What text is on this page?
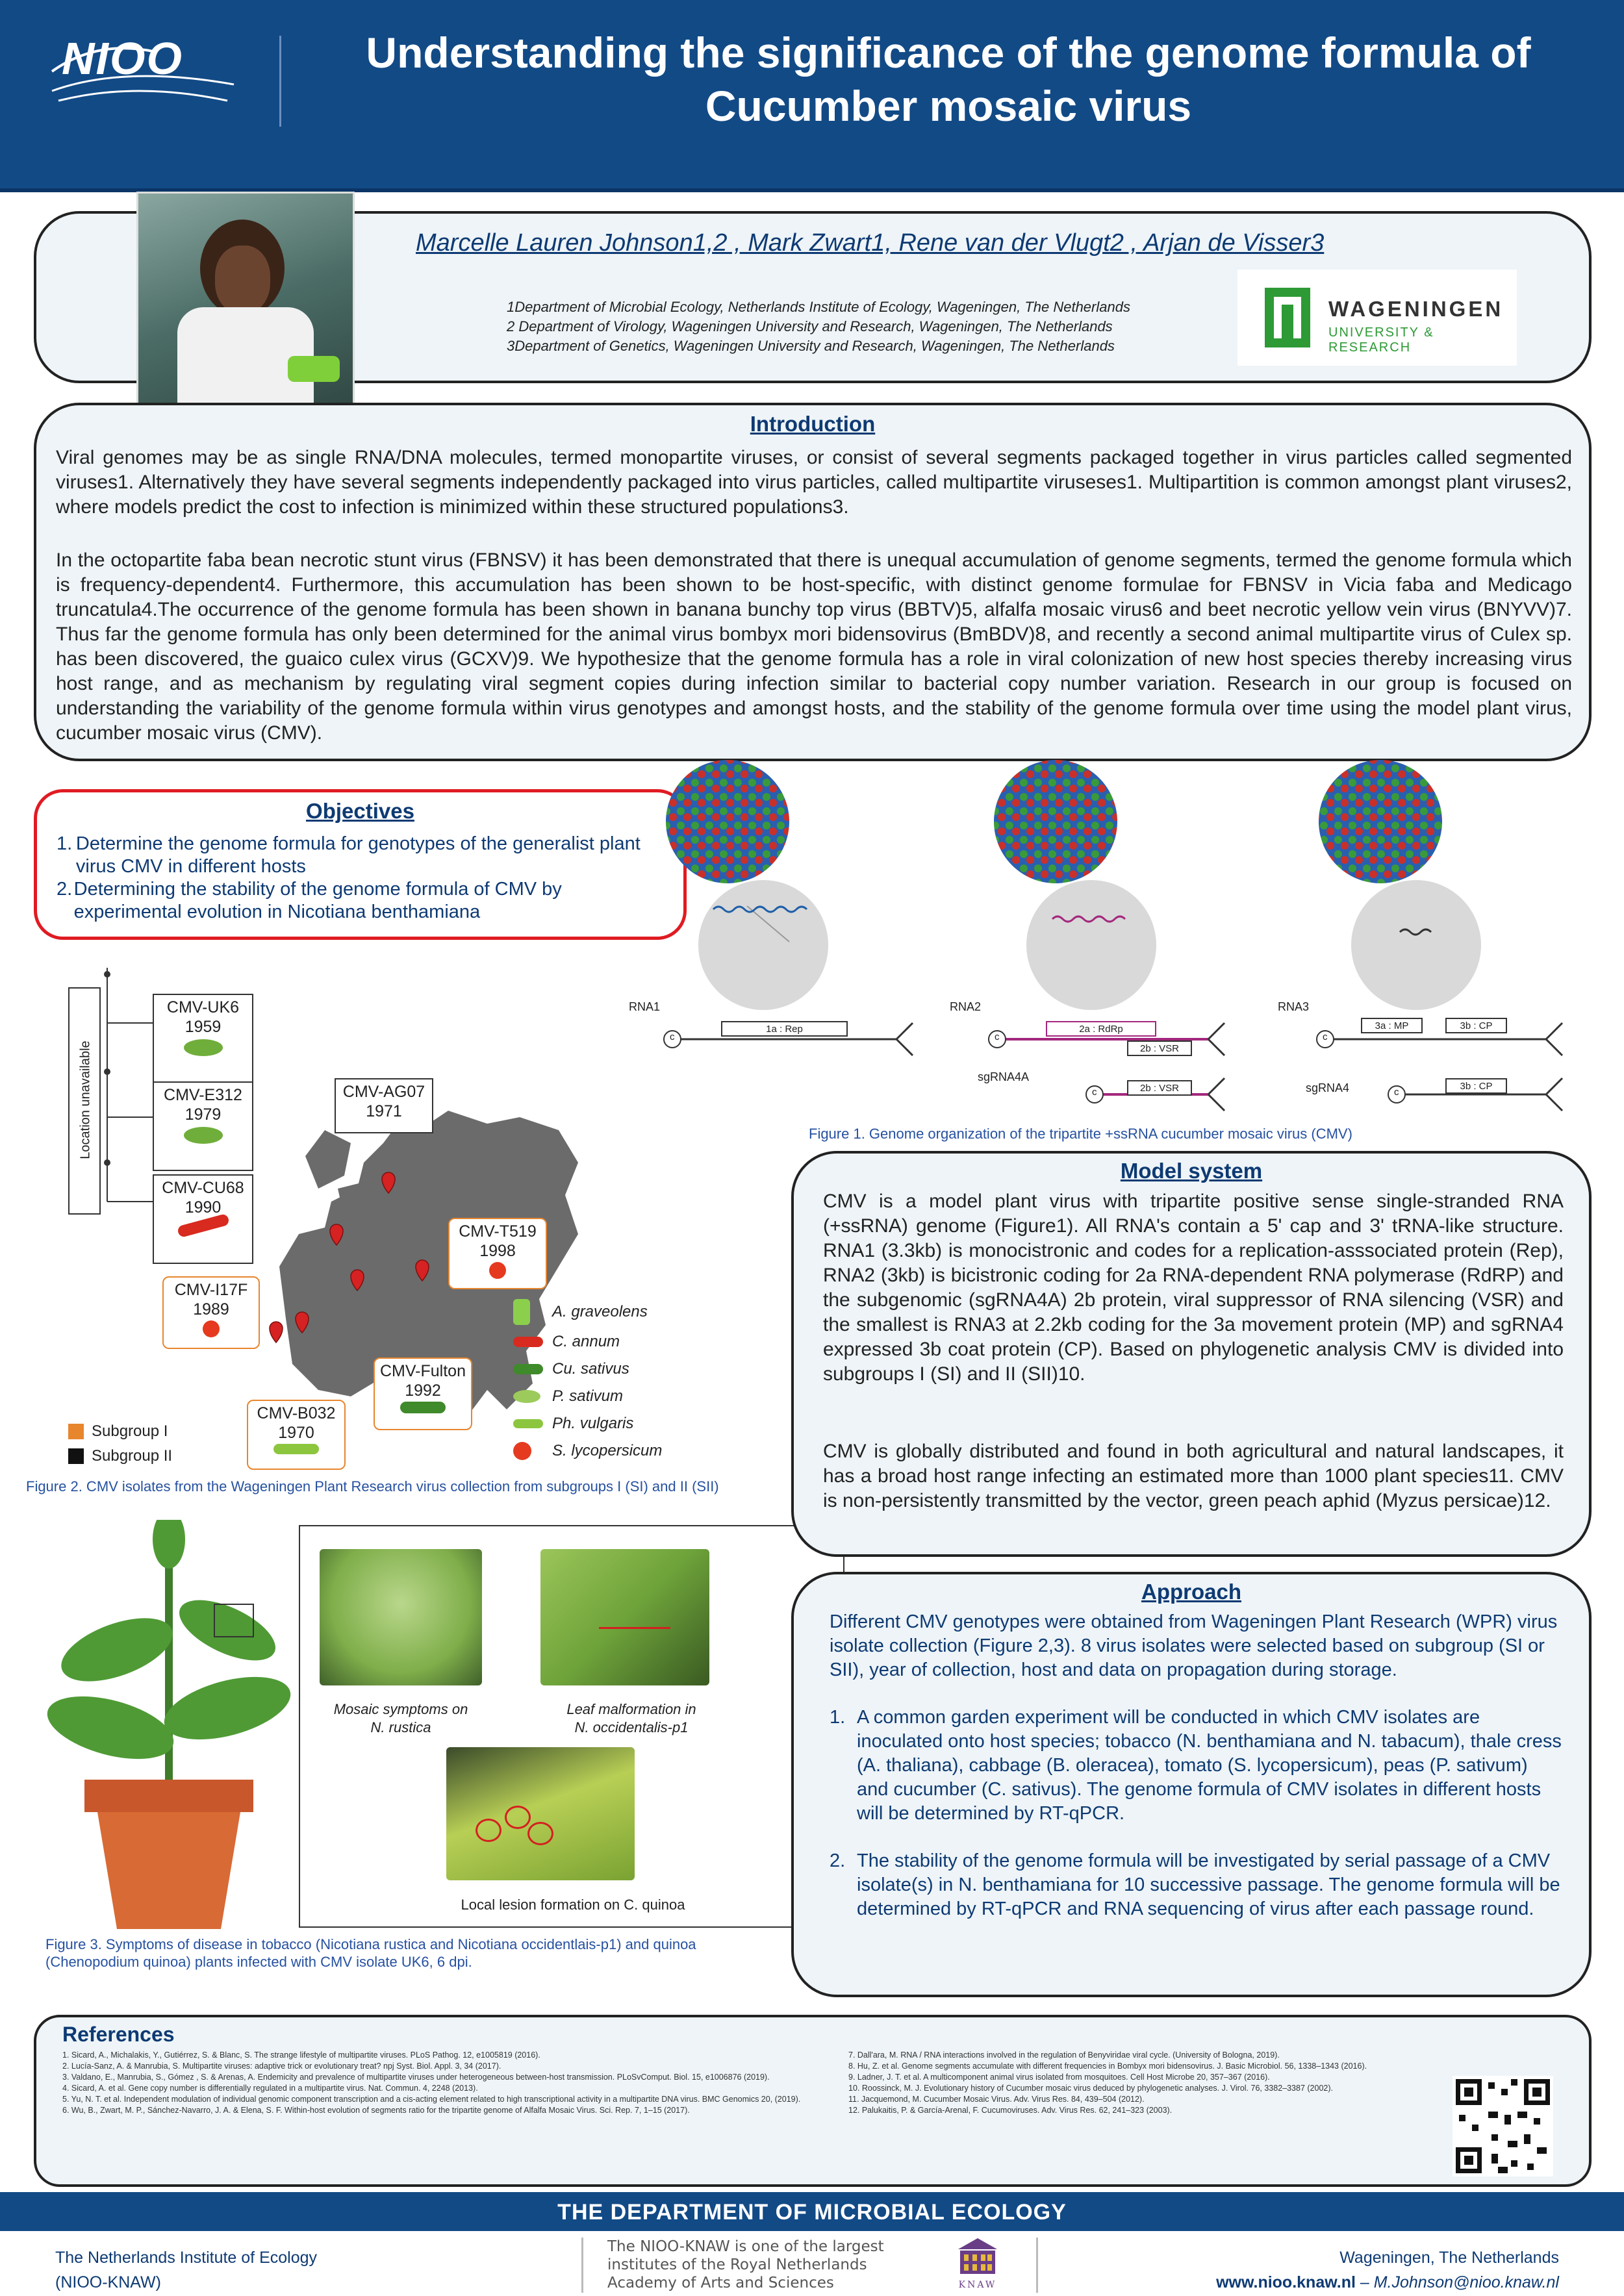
NIOO	Understanding the significance of the genome formula of
Cucumber mosaic virus
Marcelle Lauren Johnson1,2 , Mark Zwart1, Rene van der Vlugt2 , Arjan de Visser3
1Department of Microbial Ecology, Netherlands Institute of Ecology, Wageningen, The Netherlands
2 Department of Virology, Wageningen University and Research, Wageningen, The Netherlands
3Department of Genetics, Wageningen University and Research, Wageningen, The Netherlands
WAGENINGEN
UNIVERSITY & RESEARCH
Introduction
Viral genomes may be as single RNA/DNA molecules, termed monopartite viruses, or consist of several segments packaged together in virus particles called segmented viruses1. Alternatively they have several segments independently packaged into virus particles, called multipartite viruseses1. Multipartition is common amongst plant viruses2, where models predict the cost to infection is minimized within these structured populations3.
In the octopartite faba bean necrotic stunt virus (FBNSV) it has been demonstrated that there is unequal accumulation of genome segments, termed the genome formula which is frequency-dependent4. Furthermore, this accumulation has been shown to be host-specific, with distinct genome formulae for FBNSV in Vicia faba and Medicago truncatula4.The occurrence of the genome formula has been shown in banana bunchy top virus (BBTV)5, alfalfa mosaic virus6 and beet necrotic yellow vein virus (BNYVV)7. Thus far the genome formula has only been determined for the animal virus bombyx mori bidensovirus (BmBDV)8, and recently a second animal multipartite virus of Culex sp. has been discovered, the guaico culex virus (GCXV)9. We hypothesize that the genome formula has a role in viral colonization of new host species thereby increasing virus host range, and as mechanism by regulating viral segment copies during infection similar to bacterial copy number variation. Research in our group is focused on understanding the variability of the genome formula within virus genotypes and amongst hosts, and the stability of the genome formula over time using the model plant virus, cucumber mosaic virus (CMV).
Objectives
1. Determine the genome formula for genotypes of the generalist plant virus CMV in different hosts
2. Determining the stability of the genome formula of CMV by experimental evolution in Nicotiana benthamiana
RNA1	RNA2	RNA3
sgRNA4A
sgRNA4
c	c
c
c
c
1a : Rep	2a : RdRp
2b : VSR
2b : VSR
3a : MP	3b : CP
3b : CP
Figure 1. Genome organization of the tripartite +ssRNA cucumber mosaic virus (CMV)
Location unavailable
CMV-UK6
1959
CMV-E312
1979
CMV-CU68
1990
CMV-AG07
1971
CMV-T519
1998
CMV-I17F
1989
CMV-Fulton
1992
CMV-B032
1970
A. graveolens
C. annum
Cu. sativus
P. sativum
Ph. vulgaris
S. lycopersicum
Subgroup I
Subgroup II
Figure 2. CMV isolates from the Wageningen Plant Research virus collection from subgroups I (SI) and II (SII)
Mosaic symptoms on
N. rustica
Leaf malformation in
N. occidentalis-p1
Local lesion formation on C. quinoa
Figure 3. Symptoms of disease in tobacco (Nicotiana rustica and Nicotiana occidentlais-p1) and quinoa (Chenopodium quinoa) plants infected with CMV isolate UK6, 6 dpi.
Model system
CMV is a model plant virus with tripartite positive sense single-stranded RNA (+ssRNA) genome (Figure1). All RNA's contain a 5' cap and 3' tRNA-like structure. RNA1 (3.3kb) is monocistronic and codes for a replication-asssociated protein (Rep), RNA2 (3kb) is bicistronic coding for 2a RNA-dependent RNA polymerase (RdRP) and the subgenomic (sgRNA4A) 2b protein, viral suppressor of RNA silencing (VSR) and the smallest is RNA3 at 2.2kb coding for the 3a movement protein (MP) and sgRNA4 expressed 3b coat protein (CP). Based on phylogenetic analysis CMV is divided into subgroups I (SI) and II (SII)10.
CMV is globally distributed and found in both agricultural and natural landscapes, it has a broad host range infecting an estimated more than 1000 plant species11. CMV is non-persistently transmitted by the vector, green peach aphid (Myzus persicae)12.
Approach
Different CMV genotypes were obtained from Wageningen Plant Research (WPR) virus isolate collection (Figure 2,3). 8 virus isolates were selected based on subgroup (SI or SII), year of collection, host and data on propagation during storage.
1. A common garden experiment will be conducted in which CMV isolates are inoculated onto host species; tobacco (N. benthamiana and N. tabacum), thale cress (A. thaliana), cabbage (B. oleracea), tomato (S. lycopersicum), peas (P. sativum) and cucumber (C. sativus). The genome formula of CMV isolates in different hosts will be determined by RT-qPCR.
2. The stability of the genome formula will be investigated by serial passage of a CMV isolate(s) in N. benthamiana for 10 successive passage. The genome formula will be determined by RT-qPCR and RNA sequencing of virus after each passage round.
References
1. Sicard, A., Michalakis, Y., Gutiérrez, S. & Blanc, S. The strange lifestyle of multipartite viruses. PLoS Pathog. 12, e1005819 (2016).
2. Lucía-Sanz, A. & Manrubia, S. Multipartite viruses: adaptive trick or evolutionary treat? npj Syst. Biol. Appl. 3, 34 (2017).
3. Valdano, E., Manrubia, S., Gómez , S. & Arenas, A. Endemicity and prevalence of multipartite viruses under heterogeneous between-host transmission. PLoSvComput. Biol. 15, e1006876 (2019).
4. Sicard, A. et al. Gene copy number is differentially regulated in a multipartite virus. Nat. Commun. 4, 2248 (2013).
5. Yu, N. T. et al. Independent modulation of individual genomic component transcription and a cis-acting element related to high transcriptional activity in a multipartite DNA virus. BMC Genomics 20, (2019).
6. Wu, B., Zwart, M. P., Sánchez-Navarro, J. A. & Elena, S. F. Within-host evolution of segments ratio for the tripartite genome of Alfalfa Mosaic Virus. Sci. Rep. 7, 1–15 (2017).
7. Dall'ara, M. RNA / RNA interactions involved in the regulation of Benyviridae viral cycle. (University of Bologna, 2019).
8. Hu, Z. et al. Genome segments accumulate with different frequencies in Bombyx mori bidensovirus. J. Basic Microbiol. 56, 1338–1343 (2016).
9. Ladner, J. T. et al. A multicomponent animal virus isolated from mosquitoes. Cell Host Microbe 20, 357–367 (2016).
10. Roossinck, M. J. Evolutionary history of Cucumber mosaic virus deduced by phylogenetic analyses. J. Virol. 76, 3382–3387 (2002).
11. Jacquemond, M. Cucumber Mosaic Virus. Adv. Virus Res. 84, 439–504 (2012).
12. Palukaitis, P. & García-Arenal, F. Cucumoviruses. Adv. Virus Res. 62, 241–323 (2003).
THE DEPARTMENT OF MICROBIAL ECOLOGY
The Netherlands Institute of Ecology
(NIOO-KNAW)
The NIOO-KNAW is one of the largest
institutes of the Royal Netherlands
Academy of Arts and Sciences	KNAW
Wageningen, The Netherlands
www.nioo.knaw.nl – M.Johnson@nioo.knaw.nl
